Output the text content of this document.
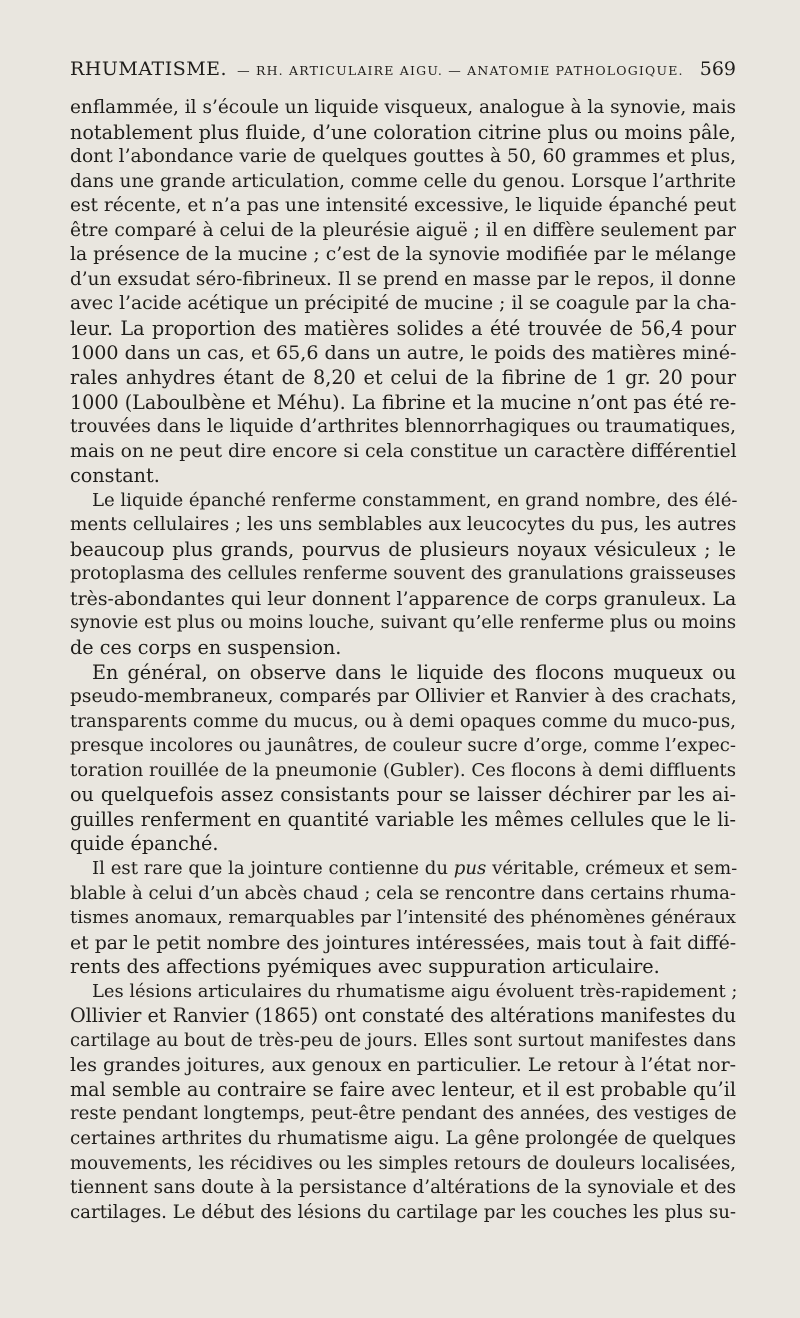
RHUMATISME. — RH. ARTICULAIRE AIGU. — ANATOMIE PATHOLOGIQUE. 569
enflammée, il s’écoule un liquide visqueux, analogue à la synovie, mais
notablement plus fluide, d’une coloration citrine plus ou moins pâle,
dont l’abondance varie de quelques gouttes à 50, 60 grammes et plus,
dans une grande articulation, comme celle du genou. Lorsque l’arthrite
est récente, et n’a pas une intensité excessive, le liquide épanché peut
être comparé à celui de la pleurésie aiguë ; il en diffère seulement par
la présence de la mucine ; c’est de la synovie modifiée par le mélange
d’un exsudat séro-fibrineux. Il se prend en masse par le repos, il donne
avec l’acide acétique un précipité de mucine ; il se coagule par la cha-
leur. La proportion des matières solides a été trouvée de 56,4 pour
1000 dans un cas, et 65,6 dans un autre, le poids des matières miné-
rales anhydres étant de 8,20 et celui de la fibrine de 1 gr. 20 pour
1000 (Laboulbène et Méhu). La fibrine et la mucine n’ont pas été re-
trouvées dans le liquide d’arthrites blennorrhagiques ou traumatiques,
mais on ne peut dire encore si cela constitue un caractère différentiel
constant.
Le liquide épanché renferme constamment, en grand nombre, des élé-
ments cellulaires ; les uns semblables aux leucocytes du pus, les autres
beaucoup plus grands, pourvus de plusieurs noyaux vésiculeux ; le
protoplasma des cellules renferme souvent des granulations graisseuses
très-abondantes qui leur donnent l’apparence de corps granuleux. La
synovie est plus ou moins louche, suivant qu’elle renferme plus ou moins
de ces corps en suspension.
En général, on observe dans le liquide des flocons muqueux ou
pseudo-membraneux, comparés par Ollivier et Ranvier à des crachats,
transparents comme du mucus, ou à demi opaques comme du muco-pus,
presque incolores ou jaunâtres, de couleur sucre d’orge, comme l’expec-
toration rouillée de la pneumonie (Gubler). Ces flocons à demi diffluents
ou quelquefois assez consistants pour se laisser déchirer par les ai-
guilles renferment en quantité variable les mêmes cellules que le li-
quide épanché.
Il est rare que la jointure contienne du pus véritable, crémeux et sem-
blable à celui d’un abcès chaud ; cela se rencontre dans certains rhuma-
tismes anomaux, remarquables par l’intensité des phénomènes généraux
et par le petit nombre des jointures intéressées, mais tout à fait diffé-
rents des affections pyémiques avec suppuration articulaire.
Les lésions articulaires du rhumatisme aigu évoluent très-rapidement ;
Ollivier et Ranvier (1865) ont constaté des altérations manifestes du
cartilage au bout de très-peu de jours. Elles sont surtout manifestes dans
les grandes joitures, aux genoux en particulier. Le retour à l’état nor-
mal semble au contraire se faire avec lenteur, et il est probable qu’il
reste pendant longtemps, peut-être pendant des années, des vestiges de
certaines arthrites du rhumatisme aigu. La gêne prolongée de quelques
mouvements, les récidives ou les simples retours de douleurs localisées,
tiennent sans doute à la persistance d’altérations de la synoviale et des
cartilages. Le début des lésions du cartilage par les couches les plus su-
